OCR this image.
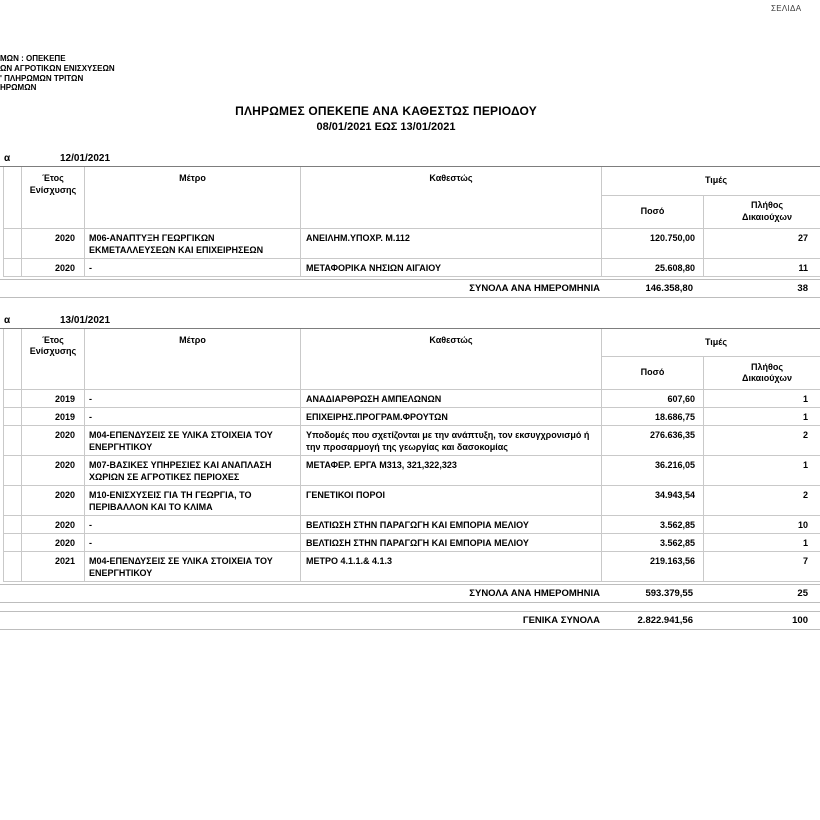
ΣΕΛΙΔΑ
ΜΩΝ : ΟΠΕΚΕΠΕ
ΩΝ ΑΓΡΟΤΙΚΩΝ ΕΝΙΣΧΥΣΕΩΝ
' ΠΛΗΡΩΜΩΝ ΤΡΙΤΩΝ
ΗΡΩΜΩΝ
ΠΛΗΡΩΜΕΣ ΟΠΕΚΕΠΕ ΑΝΑ ΚΑΘΕΣΤΩΣ ΠΕΡΙΟΔΟΥ
08/01/2021 ΕΩΣ 13/01/2021
α	12/01/2021
	Έτος Ενίσχυσης	Μέτρο	Καθεστώς	Τιμές	
				Ποσό	Πλήθος Δικαιούχων
	2020	Μ06-ΑΝΑΠΤΥΞΗ ΓΕΩΡΓΙΚΩΝ ΕΚΜΕΤΑΛΛΕΥΣΕΩΝ ΚΑΙ ΕΠΙΧΕΙΡΗΣΕΩΝ	ΑΝΕΙΛΗΜ.ΥΠΟΧΡ. Μ.112	120.750,00	27
	2020	-	ΜΕΤΑΦΟΡΙΚΑ ΝΗΣΙΩΝ ΑΙΓΑΙΟΥ	25.608,80	11
ΣΥΝΟΛΑ ΑΝΑ ΗΜΕΡΟΜΗΝΙΑ	146.358,80	38
α	13/01/2021
	Έτος Ενίσχυσης	Μέτρο	Καθεστώς	Τιμές	
				Ποσό	Πλήθος Δικαιούχων
	2019	-	ΑΝΑΔΙΑΡΘΡΩΣΗ ΑΜΠΕΛΩΝΩΝ	607,60	1
	2019	-	ΕΠΙΧΕΙΡΗΣ.ΠΡΟΓΡΑΜ.ΦΡΟΥΤΩΝ	18.686,75	1
	2020	Μ04-ΕΠΕΝΔΥΣΕΙΣ ΣΕ ΥΛΙΚΑ ΣΤΟΙΧΕΙΑ ΤΟΥ ΕΝΕΡΓΗΤΙΚΟΥ	Υποδομές που σχετίζονται με την ανάπτυξη, τον εκσυγχρονισμό ή την προσαρμογή της γεωργίας και δασοκομίας	276.636,35	2
	2020	Μ07-ΒΑΣΙΚΕΣ ΥΠΗΡΕΣΙΕΣ ΚΑΙ ΑΝΑΠΛΑΣΗ ΧΩΡΙΩΝ ΣΕ ΑΓΡΟΤΙΚΕΣ ΠΕΡΙΟΧΕΣ	ΜΕΤΑΦΕΡ. ΕΡΓΑ Μ313, 321,322,323	36.216,05	1
	2020	Μ10-ΕΝΙΣΧΥΣΕΙΣ ΓΙΑ ΤΗ ΓΕΩΡΓΙΑ, ΤΟ ΠΕΡΙΒΑΛΛΟΝ ΚΑΙ ΤΟ ΚΛΙΜΑ	ΓΕΝΕΤΙΚΟΙ ΠΟΡΟΙ	34.943,54	2
	2020	-	ΒΕΛΤΙΩΣΗ ΣΤΗΝ ΠΑΡΑΓΩΓΗ ΚΑΙ ΕΜΠΟΡΙΑ ΜΕΛΙΟΥ	3.562,85	10
	2020	-	ΒΕΛΤΙΩΣΗ ΣΤΗΝ ΠΑΡΑΓΩΓΗ ΚΑΙ ΕΜΠΟΡΙΑ ΜΕΛΙΟΥ	3.562,85	1
	2021	Μ04-ΕΠΕΝΔΥΣΕΙΣ ΣΕ ΥΛΙΚΑ ΣΤΟΙΧΕΙΑ ΤΟΥ ΕΝΕΡΓΗΤΙΚΟΥ	ΜΕΤΡΟ 4.1.1.& 4.1.3	219.163,56	7
ΣΥΝΟΛΑ ΑΝΑ ΗΜΕΡΟΜΗΝΙΑ	593.379,55	25
ΓΕΝΙΚΑ ΣΥΝΟΛΑ	2.822.941,56	100
